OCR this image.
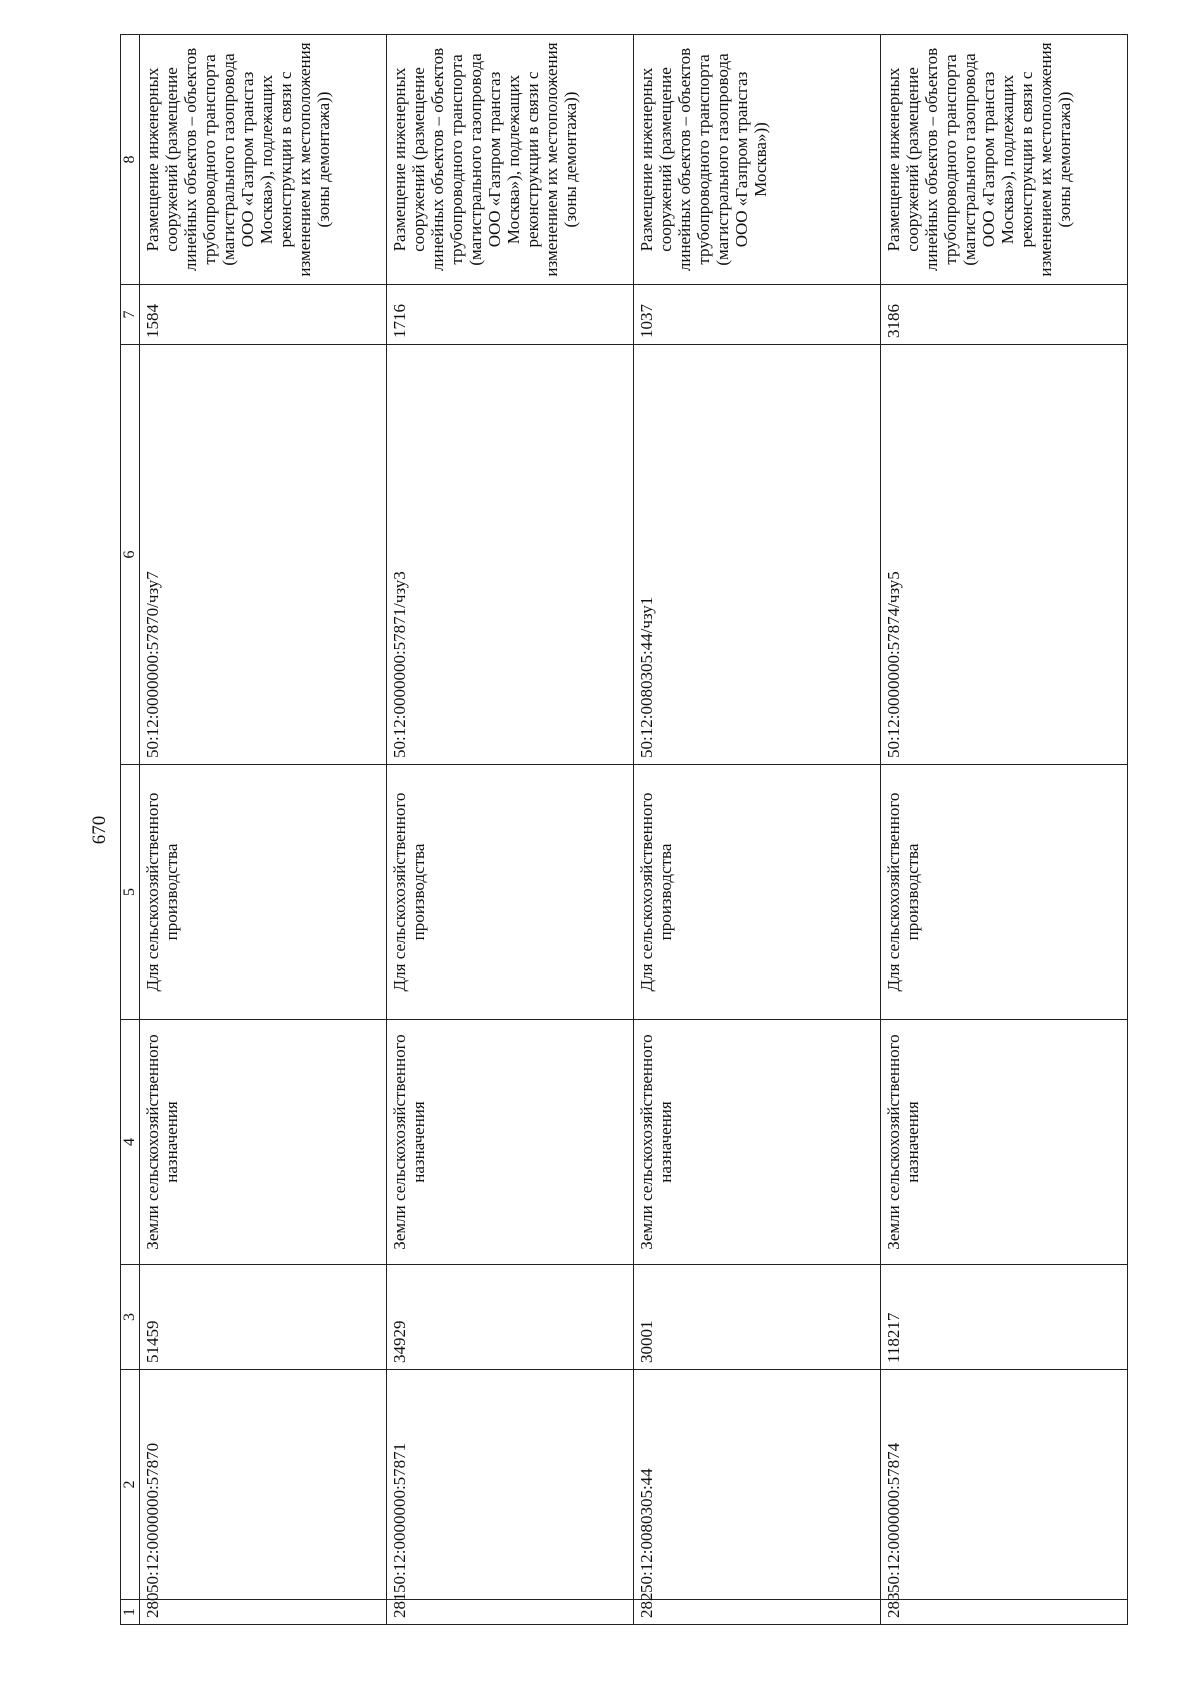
670
1	2	3	4	5	6	7	8
280	50:12:0000000:57870	51459	Земли сельскохозяйственного назначения	Для сельскохозяйственного производства	50:12:0000000:57870/чзу7	1584	Размещение инженерных сооружений (размещение линейных объектов – объектов трубопроводного транспорта (магистрального газопровода ООО «Газпром трансгаз Москва»), подлежащих реконструкции в связи с изменением их местоположения (зоны демонтажа))
281	50:12:0000000:57871	34929	Земли сельскохозяйственного назначения	Для сельскохозяйственного производства	50:12:0000000:57871/чзу3	1716	Размещение инженерных сооружений (размещение линейных объектов – объектов трубопроводного транспорта (магистрального газопровода ООО «Газпром трансгаз Москва»), подлежащих реконструкции в связи с изменением их местоположения (зоны демонтажа))
282	50:12:0080305:44	30001	Земли сельскохозяйственного назначения	Для сельскохозяйственного производства	50:12:0080305:44/чзу1	1037	Размещение инженерных сооружений (размещение линейных объектов – объектов трубопроводного транспорта (магистрального газопровода ООО «Газпром трансгаз Москва»))
283	50:12:0000000:57874	118217	Земли сельскохозяйственного назначения	Для сельскохозяйственного производства	50:12:0000000:57874/чзу5	3186	Размещение инженерных сооружений (размещение линейных объектов – объектов трубопроводного транспорта (магистрального газопровода ООО «Газпром трансгаз Москва»), подлежащих реконструкции в связи с изменением их местоположения (зоны демонтажа))
